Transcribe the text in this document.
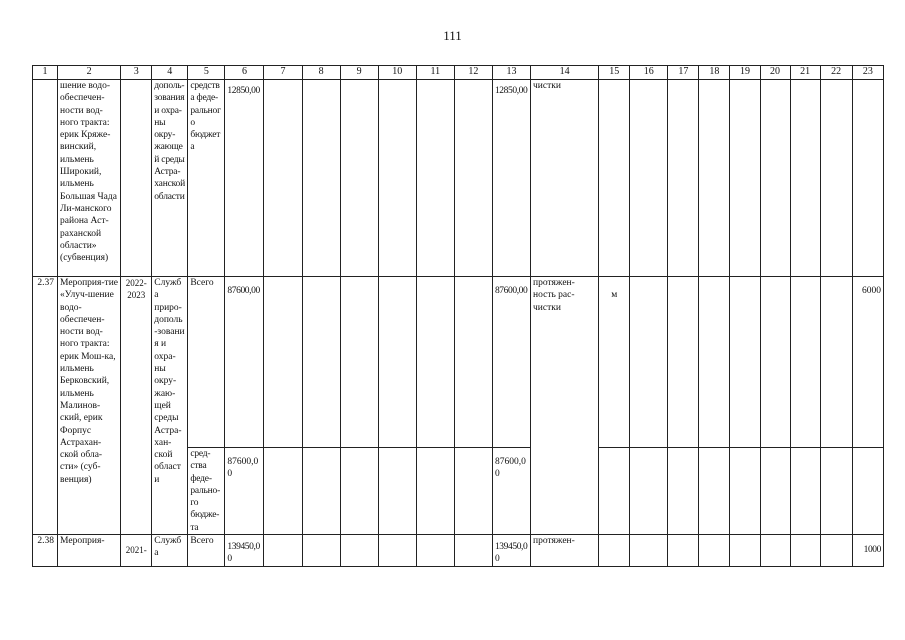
111
1	2	3	4	5	6	7	8	9	10	11	12	13	14	15	16	17	18	19	20	21	22	23
	шение водо-обеспечен-ности вод-ного тракта: ерик Кряже-винский, ильмень Широкий, ильмень Большая Чада Ли-манского района Аст-раханской области» (субвенция)		дополь-зования и охра-ны окру-жающей среды Астра-ханской области	средства феде-рального бюджета	12850,00							12850,00	чистки									
2.37	Мероприя-тие «Улуч-шение водо-обеспечен-ности вод-ного тракта: ерик Мош-ка, ильмень Берковский, ильмень Малинов-ский, ерик Форпус Астрахан-ской обла-сти» (суб-венция)	2022-2023	Служба приро-дополь-зования и охра-ны окру-жаю-щей среды Астра-хан-ской области	Всего	87600,00							87600,00	протяжен-ность рас-чистки	м								6000
				сред-ства феде-рально-го бюдже-та	87600,00							87600,00										
2.38	Мероприя-	2021-	Служба	Всего	139450,00							139450,00	протяжен-									1000
